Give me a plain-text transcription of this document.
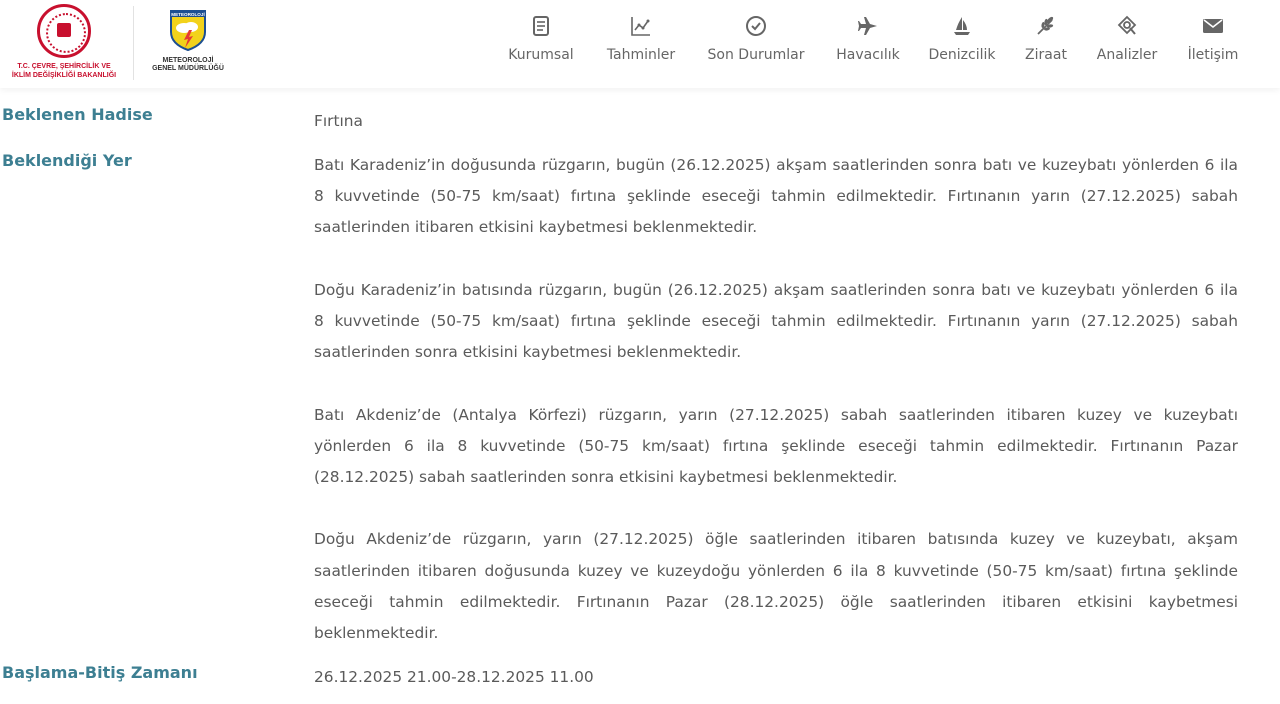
T.C. ÇEVRE, ŞEHİRCİLİK VE
İKLİM DEĞİŞİKLİĞİ BAKANLIĞI
METEOROLOJİ
METEOROLOJİ
GENEL MÜDÜRLÜĞÜ
Kurumsal	Tahminler	Son Durumlar	Havacılık	Denizcilik	Ziraat	Analizler İletişim
Beklenen Hadise	Fırtına
Beklendiği Yer	Batı Karadeniz’in doğusunda rüzgarın, bugün (26.12.2025) akşam saatlerinden sonra batı ve kuzeybatı yönlerden 6 ila 8 kuvvetinde (50-75 km/saat) fırtına şeklinde eseceği tahmin edilmektedir. Fırtınanın yarın (27.12.2025) sabah saatlerinden itibaren etkisini kaybetmesi beklenmektedir.
Doğu Karadeniz’in batısında rüzgarın, bugün (26.12.2025) akşam saatlerinden sonra batı ve kuzeybatı yönlerden 6 ila 8 kuvvetinde (50-75 km/saat) fırtına şeklinde eseceği tahmin edilmektedir. Fırtınanın yarın (27.12.2025) sabah saatlerinden sonra etkisini kaybetmesi beklenmektedir.
Batı Akdeniz’de (Antalya Körfezi) rüzgarın, yarın (27.12.2025) sabah saatlerinden itibaren kuzey ve kuzeybatı yönlerden 6 ila 8 kuvvetinde (50-75 km/saat) fırtına şeklinde eseceği tahmin edilmektedir. Fırtınanın Pazar (28.12.2025) sabah saatlerinden sonra etkisini kaybetmesi beklenmektedir.
Doğu Akdeniz’de rüzgarın, yarın (27.12.2025) öğle saatlerinden itibaren batısında kuzey ve kuzeybatı, akşam saatlerinden itibaren doğusunda kuzey ve kuzeydoğu yönlerden 6 ila 8 kuvvetinde (50-75 km/saat) fırtına şeklinde eseceği tahmin edilmektedir. Fırtınanın Pazar (28.12.2025) öğle saatlerinden itibaren etkisini kaybetmesi beklenmektedir.
Başlama-Bitiş Zamanı	26.12.2025 21.00-28.12.2025 11.00
